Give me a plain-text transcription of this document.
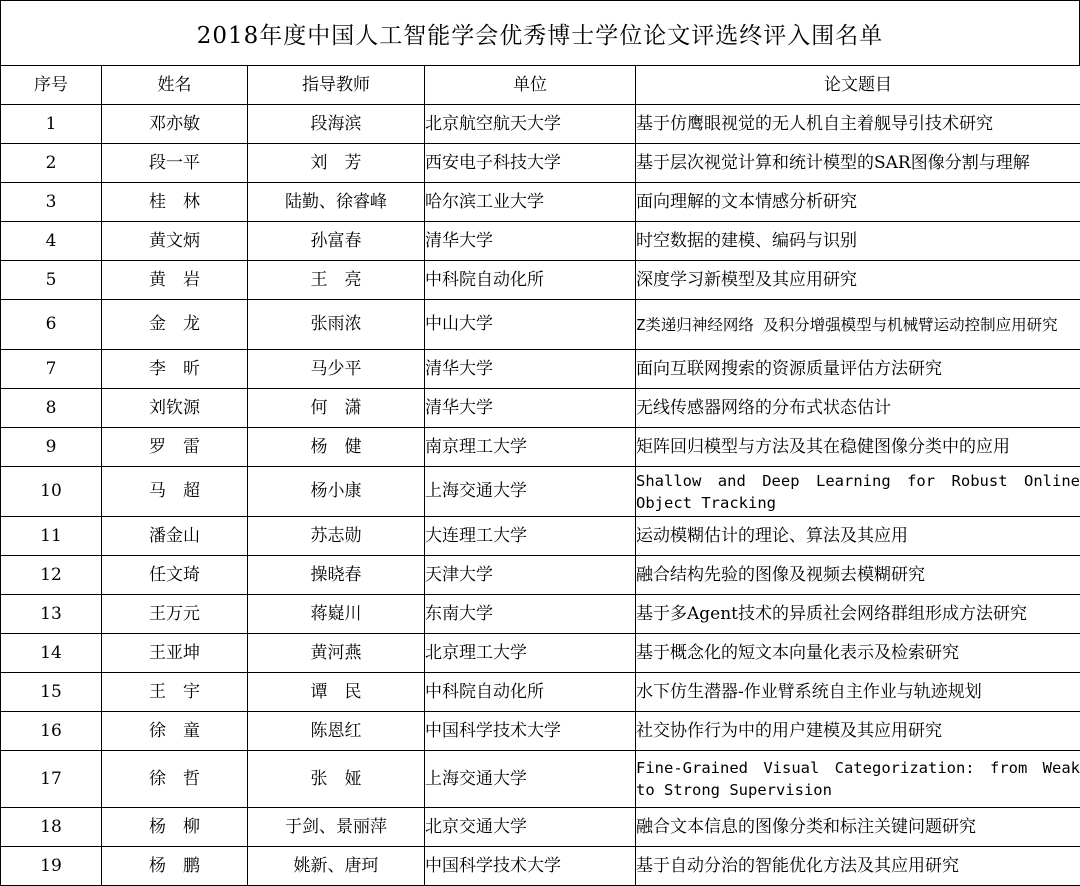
2018年度中国人工智能学会优秀博士学位论文评选终评入围名单
序号	姓名	指导教师	单位	论文题目
1	邓亦敏	段海滨	北京航空航天大学	基于仿鹰眼视觉的无人机自主着舰导引技术研究
2	段一平	刘　芳	西安电子科技大学	基于层次视觉计算和统计模型的SAR图像分割与理解
3	桂　林	陆勤、徐睿峰	哈尔滨工业大学	面向理解的文本情感分析研究
4	黄文炳	孙富春	清华大学	时空数据的建模、编码与识别
5	黄　岩	王　亮	中科院自动化所	深度学习新模型及其应用研究
6	金　龙	张雨浓	中山大学	Z类递归神经网络 及积分增强模型与机械臂运动控制应用研究
7	李　昕	马少平	清华大学	面向互联网搜索的资源质量评估方法研究
8	刘钦源	何　潇	清华大学	无线传感器网络的分布式状态估计
9	罗　雷	杨　健	南京理工大学	矩阵回归模型与方法及其在稳健图像分类中的应用
10	马　超	杨小康	上海交通大学	Shallow and Deep Learning for Robust Online Object Tracking
11	潘金山	苏志勋	大连理工大学	运动模糊估计的理论、算法及其应用
12	任文琦	操晓春	天津大学	融合结构先验的图像及视频去模糊研究
13	王万元	蒋嶷川	东南大学	基于多Agent技术的异质社会网络群组形成方法研究
14	王亚坤	黄河燕	北京理工大学	基于概念化的短文本向量化表示及检索研究
15	王　宇	谭　民	中科院自动化所	水下仿生潜器-作业臂系统自主作业与轨迹规划
16	徐　童	陈恩红	中国科学技术大学	社交协作行为中的用户建模及其应用研究
17	徐　哲	张　娅	上海交通大学	Fine-Grained Visual Categorization: from Weak to Strong Supervision
18	杨　柳	于剑、景丽萍	北京交通大学	融合文本信息的图像分类和标注关键问题研究
19	杨　鹏	姚新、唐珂	中国科学技术大学	基于自动分治的智能优化方法及其应用研究
